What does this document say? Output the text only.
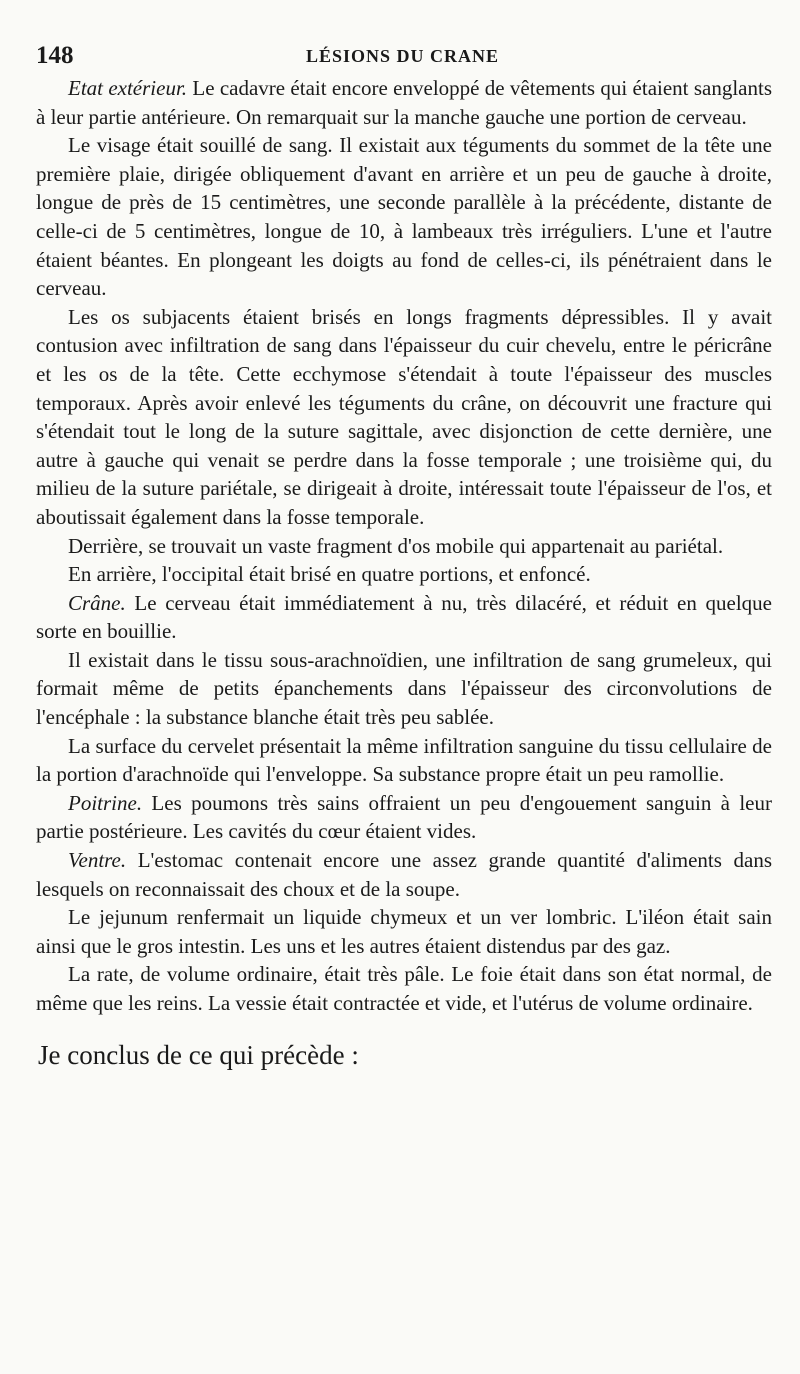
148	LÉSIONS DU CRANE

Etat extérieur. Le cadavre était encore enveloppé de vêtements qui étaient sanglants à leur partie antérieure. On remarquait sur la manche gauche une portion de cerveau.

Le visage était souillé de sang. Il existait aux téguments du sommet de la tête une première plaie, dirigée obliquement d'avant en arrière et un peu de gauche à droite, longue de près de 15 centimètres, une seconde parallèle à la précédente, distante de celle-ci de 5 centimètres, longue de 10, à lambeaux très irréguliers. L'une et l'autre étaient béantes. En plongeant les doigts au fond de celles-ci, ils pénétraient dans le cerveau.

Les os subjacents étaient brisés en longs fragments dépressibles. Il y avait contusion avec infiltration de sang dans l'épaisseur du cuir chevelu, entre le péricrâne et les os de la tête. Cette ecchymose s'étendait à toute l'épaisseur des muscles temporaux. Après avoir enlevé les téguments du crâne, on découvrit une fracture qui s'étendait tout le long de la suture sagittale, avec disjonction de cette dernière, une autre à gauche qui venait se perdre dans la fosse temporale ; une troisième qui, du milieu de la suture pariétale, se dirigeait à droite, intéressait toute l'épaisseur de l'os, et aboutissait également dans la fosse temporale.

Derrière, se trouvait un vaste fragment d'os mobile qui appartenait au pariétal.

En arrière, l'occipital était brisé en quatre portions, et enfoncé.

Crâne. Le cerveau était immédiatement à nu, très dilacéré, et réduit en quelque sorte en bouillie.

Il existait dans le tissu sous-arachnoïdien, une infiltration de sang grumeleux, qui formait même de petits épanchements dans l'épaisseur des circonvolutions de l'encéphale : la substance blanche était très peu sablée.

La surface du cervelet présentait la même infiltration sanguine du tissu cellulaire de la portion d'arachnoïde qui l'enveloppe. Sa substance propre était un peu ramollie.

Poitrine. Les poumons très sains offraient un peu d'engouement sanguin à leur partie postérieure. Les cavités du cœur étaient vides.

Ventre. L'estomac contenait encore une assez grande quantité d'aliments dans lesquels on reconnaissait des choux et de la soupe.

Le jejunum renfermait un liquide chymeux et un ver lombric. L'iléon était sain ainsi que le gros intestin. Les uns et les autres étaient distendus par des gaz.

La rate, de volume ordinaire, était très pâle. Le foie était dans son état normal, de même que les reins. La vessie était contractée et vide, et l'utérus de volume ordinaire.

Je conclus de ce qui précède :
